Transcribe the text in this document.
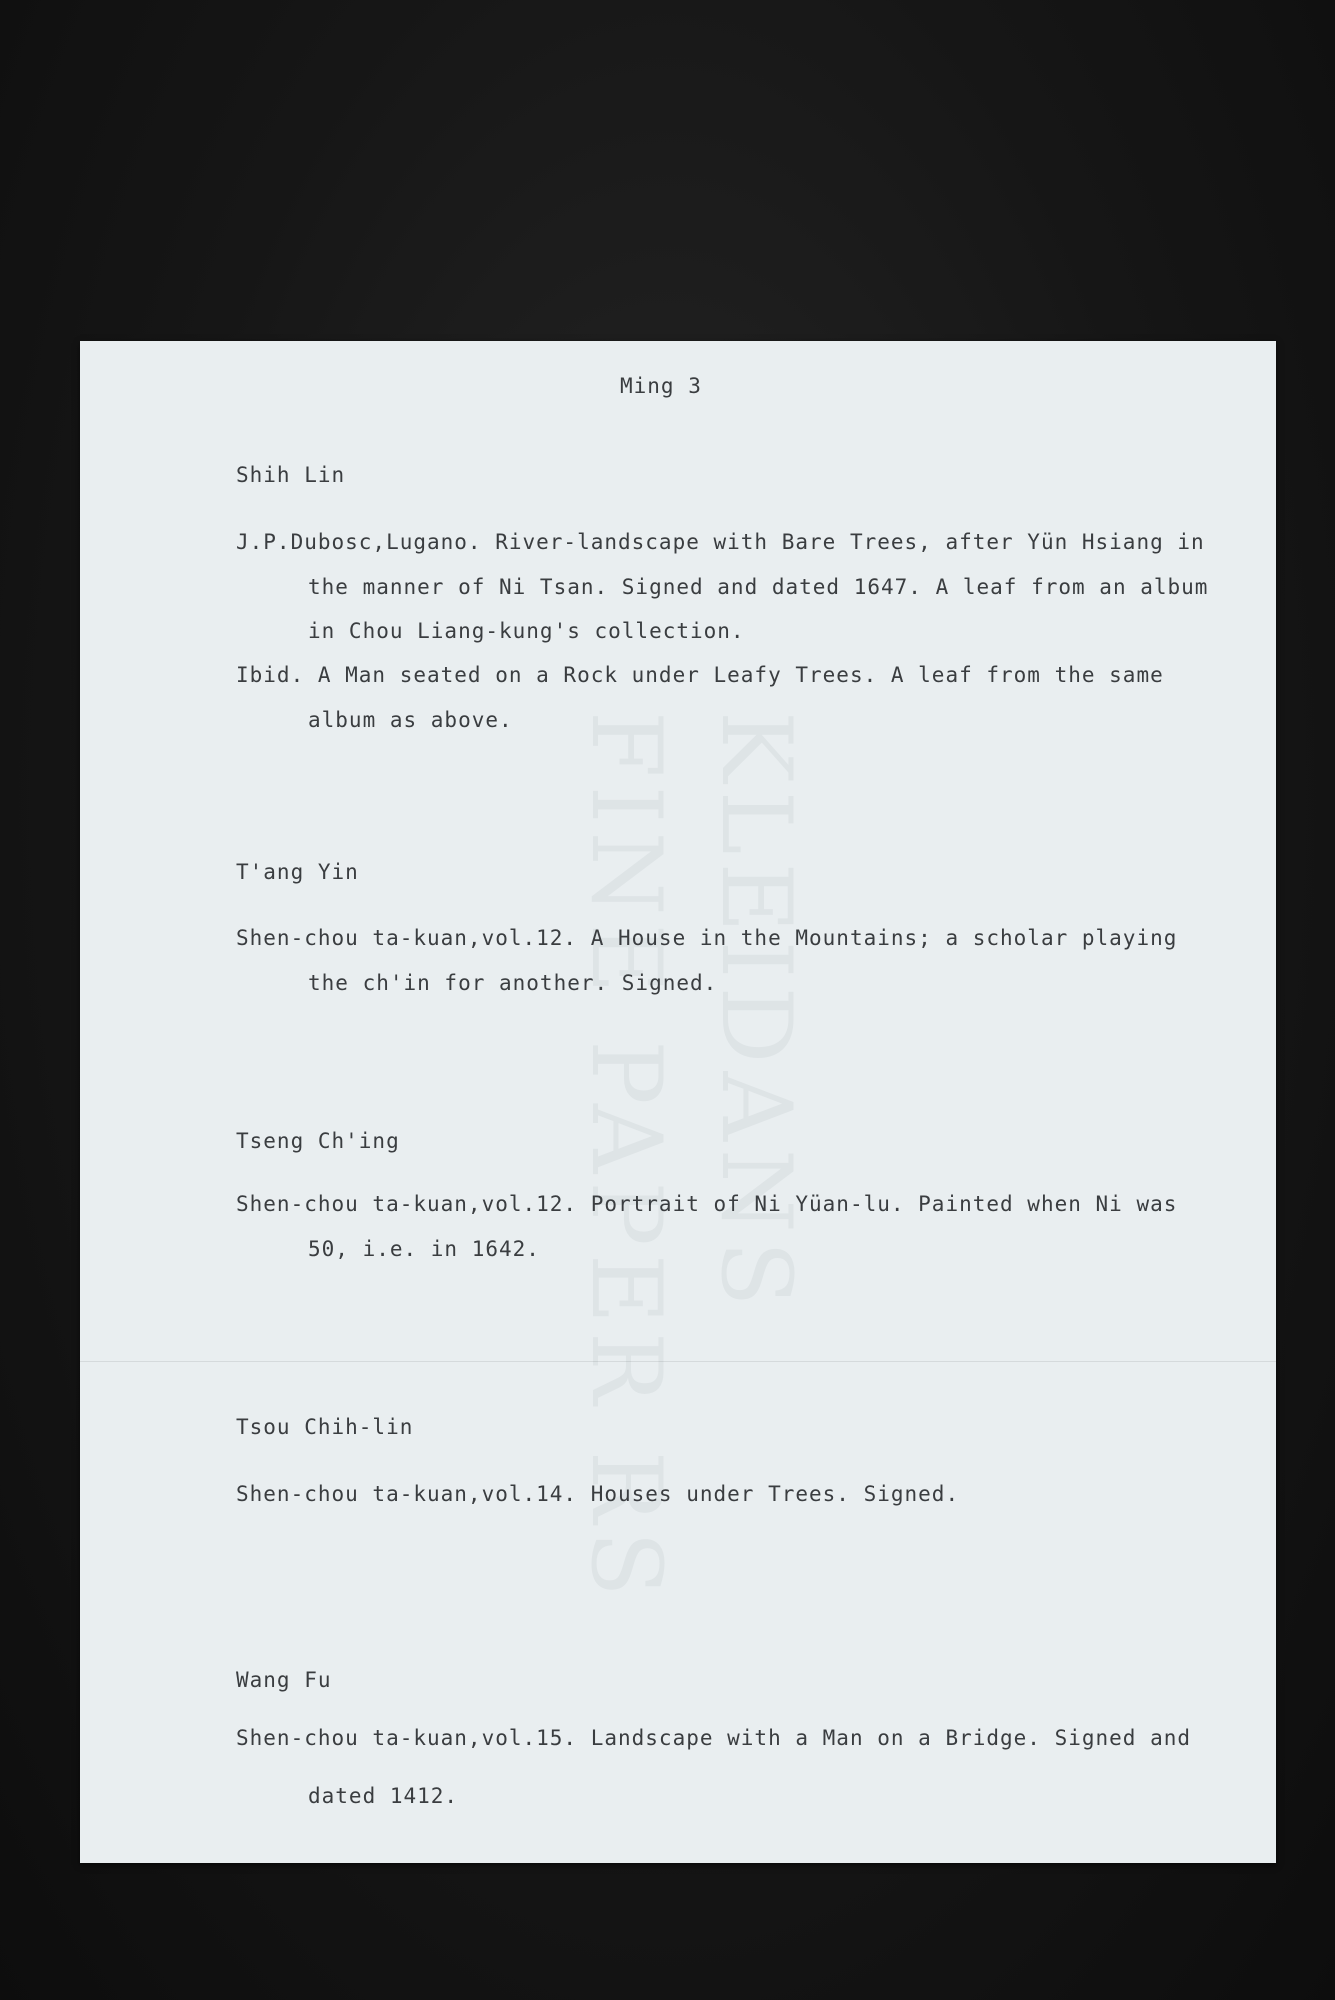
FINE PAPER RS KLEIDANS
Ming 3
Shih Lin
J.P.Dubosc,Lugano. River-landscape with Bare Trees, after Yün Hsiang in
the manner of Ni Tsan. Signed and dated 1647. A leaf from an album
in Chou Liang-kung's collection.
Ibid. A Man seated on a Rock under Leafy Trees. A leaf from the same
album as above.
T'ang Yin
Shen-chou ta-kuan,vol.12. A House in the Mountains; a scholar playing
the ch'in for another. Signed.
Tseng Ch'ing
Shen-chou ta-kuan,vol.12. Portrait of Ni Yüan-lu. Painted when Ni was
50, i.e. in 1642.
Tsou Chih-lin
Shen-chou ta-kuan,vol.14. Houses under Trees. Signed.
Wang Fu
Shen-chou ta-kuan,vol.15. Landscape with a Man on a Bridge. Signed and
dated 1412.
